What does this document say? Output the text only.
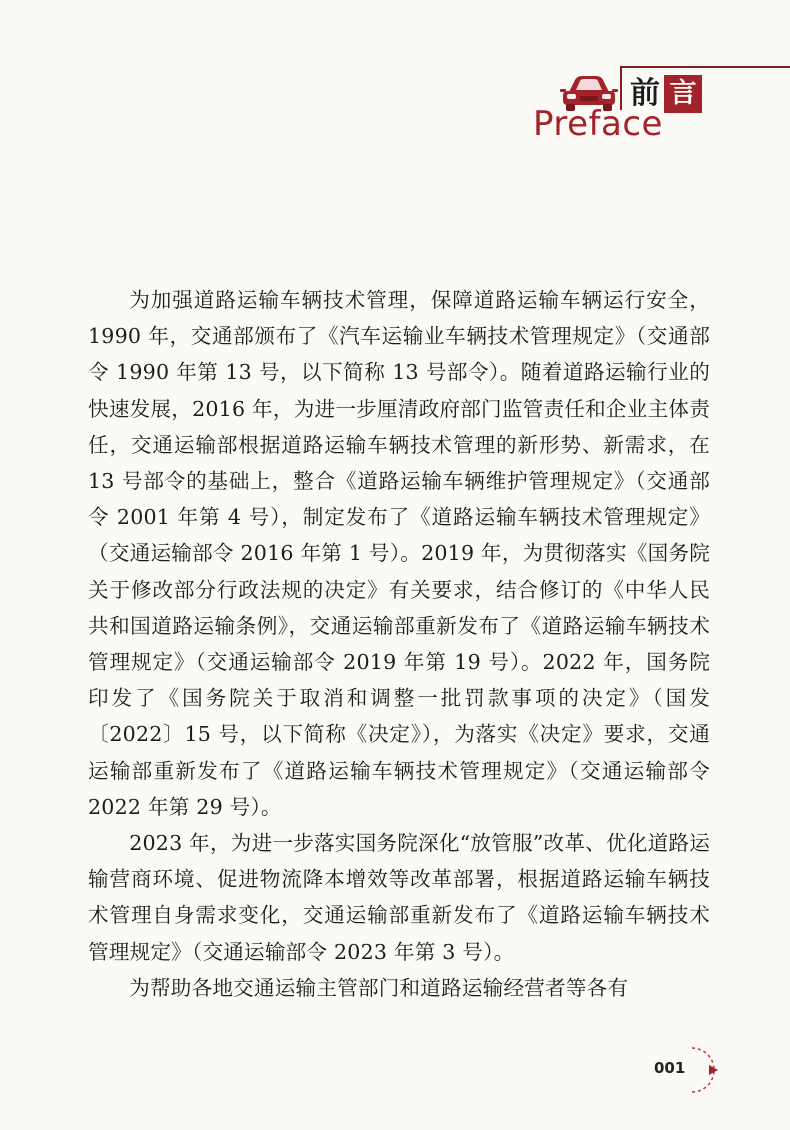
前 言
Preface

为加强道路运输车辆技术管理，保障道路运输车辆运行安全，1990 年，交通部颁布了《汽车运输业车辆技术管理规定》（交通部令 1990 年第 13 号，以下简称 13 号部令）。随着道路运输行业的快速发展，2016 年，为进一步厘清政府部门监管责任和企业主体责任，交通运输部根据道路运输车辆技术管理的新形势、新需求，在 13 号部令的基础上，整合《道路运输车辆维护管理规定》（交通部令 2001 年第 4 号），制定发布了《道路运输车辆技术管理规定》（交通运输部令 2016 年第 1 号）。2019 年，为贯彻落实《国务院关于修改部分行政法规的决定》有关要求，结合修订的《中华人民共和国道路运输条例》，交通运输部重新发布了《道路运输车辆技术管理规定》（交通运输部令 2019 年第 19 号）。2022 年，国务院印发了《国务院关于取消和调整一批罚款事项的决定》（国发〔2022〕15 号，以下简称《决定》），为落实《决定》要求，交通运输部重新发布了《道路运输车辆技术管理规定》（交通运输部令 2022 年第 29 号）。

2023 年，为进一步落实国务院深化“放管服”改革、优化道路运输营商环境、促进物流降本增效等改革部署，根据道路运输车辆技术管理自身需求变化，交通运输部重新发布了《道路运输车辆技术管理规定》（交通运输部令 2023 年第 3 号）。

为帮助各地交通运输主管部门和道路运输经营者等各有

001
